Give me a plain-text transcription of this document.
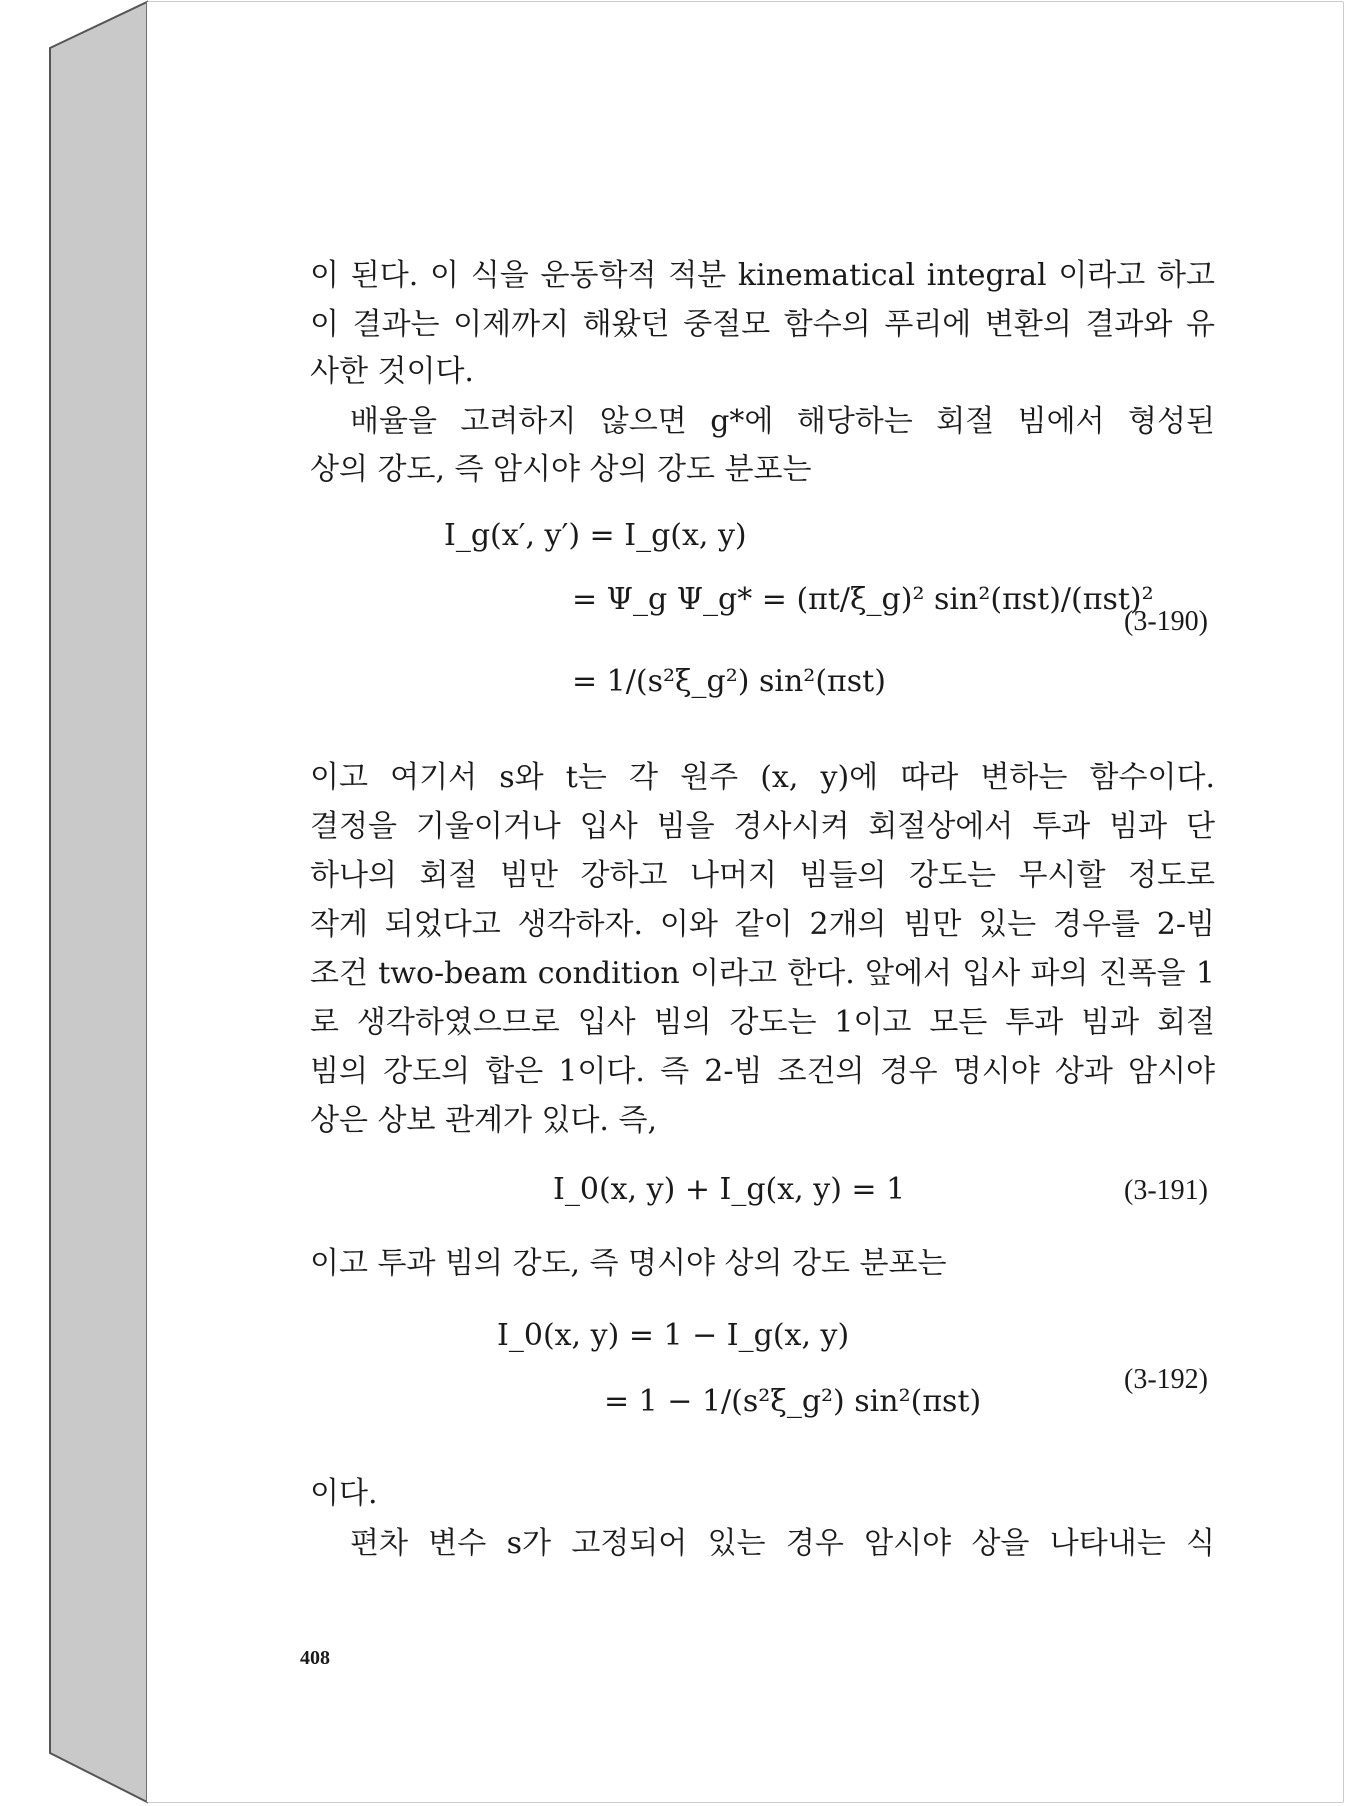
이 된다. 이 식을 운동학적 적분 kinematical integral 이라고 하고

이 결과는 이제까지 해왔던 중절모 함수의 푸리에 변환의 결과와 유

사한 것이다.

배율을 고려하지 않으면 g*에 해당하는 회절 빔에서 형성된

상의 강도, 즉 암시야 상의 강도 분포는

I_g(x′, y′) = I_g(x, y)
= Ψ_g Ψ_g* = (πt/ξ_g)² sin²(πst)/(πst)²
= 1/(s²ξ_g²) sin²(πst)
(3-190)

이고 여기서 s와 t는 각 원주 (x, y)에 따라 변하는 함수이다.

결정을 기울이거나 입사 빔을 경사시켜 회절상에서 투과 빔과 단

하나의 회절 빔만 강하고 나머지 빔들의 강도는 무시할 정도로

작게 되었다고 생각하자. 이와 같이 2개의 빔만 있는 경우를 2-빔

조건 two-beam condition 이라고 한다. 앞에서 입사 파의 진폭을 1

로 생각하였으므로 입사 빔의 강도는 1이고 모든 투과 빔과 회절

빔의 강도의 합은 1이다. 즉 2-빔 조건의 경우 명시야 상과 암시야

상은 상보 관계가 있다. 즉,

I_0(x, y) + I_g(x, y) = 1	(3-191)

이고 투과 빔의 강도, 즉 명시야 상의 강도 분포는

I_0(x, y) = 1 − I_g(x, y)
= 1 − 1/(s²ξ_g²) sin²(πst)
(3-192)

이다.

편차 변수 s가 고정되어 있는 경우 암시야 상을 나타내는 식

408
